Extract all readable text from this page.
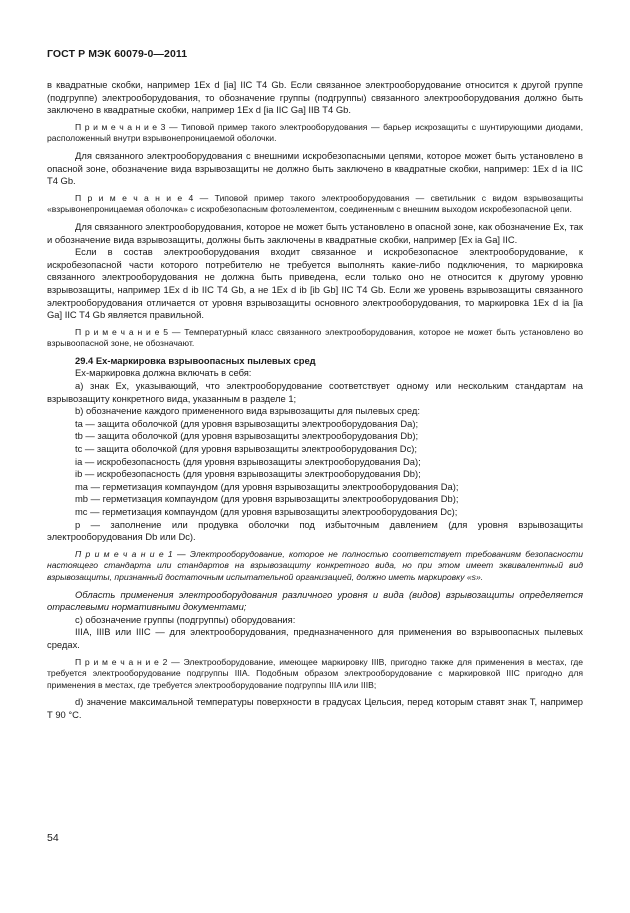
ГОСТ Р МЭК 60079-0—2011

в квадратные скобки, например 1Ex d [ia] IIC T4 Gb. Если связанное электрооборудование относится к другой группе (подгруппе) электрооборудования, то обозначение группы (подгруппы) связанного электрооборудования должно быть заключено в квадратные скобки, например 1Ex d [ia IIC Ga] IIB T4 Gb.

П р и м е ч а н и е 3 — Типовой пример такого электрооборудования — барьер искрозащиты с шунтирующими диодами, расположенный внутри взрывонепроницаемой оболочки.

Для связанного электрооборудования с внешними искробезопасными цепями, которое может быть установлено в опасной зоне, обозначение вида взрывозащиты не должно быть заключено в квадратные скобки, например: 1Ex d ia IIC T4 Gb.

П р и м е ч а н и е 4 — Типовой пример такого электрооборудования — светильник с видом взрывозащиты «взрывонепроницаемая оболочка» с искробезопасным фотоэлементом, соединенным с внешним выходом искробезопасной цепи.

Для связанного электрооборудования, которое не может быть установлено в опасной зоне, как обозначение Ex, так и обозначение вида взрывозащиты, должны быть заключены в квадратные скобки, например [Ex ia Ga] IIC.

Если в состав электрооборудования входит связанное и искробезопасное электрооборудование, к искробезопасной части которого потребителю не требуется выполнять какие-либо подключения, то маркировка связанного электрооборудования не должна быть приведена, если только оно не относится к другому уровню взрывозащиты, например 1Ex d ib IIC T4 Gb, а не 1Ex d ib [ib Gb] IIC T4 Gb. Если же уровень взрывозащиты связанного электрооборудования отличается от уровня взрывозащиты основного электрооборудования, то маркировка 1Ex d ia [ia Ga] IIC T4 Gb является правильной.

П р и м е ч а н и е 5 — Температурный класс связанного электрооборудования, которое не может быть установлено во взрывоопасной зоне, не обозначают.

29.4 Ex-маркировка взрывоопасных пылевых сред

Ex-маркировка должна включать в себя:

a) знак Ex, указывающий, что электрооборудование соответствует одному или нескольким стандартам на взрывозащиту конкретного вида, указанным в разделе 1;

b) обозначение каждого примененного вида взрывозащиты для пылевых сред:

ta — защита оболочкой (для уровня взрывозащиты электрооборудования Da);

tb — защита оболочкой (для уровня взрывозащиты электрооборудования Db);

tc — защита оболочкой (для уровня взрывозащиты электрооборудования Dc);

ia — искробезопасность (для уровня взрывозащиты электрооборудования Da);

ib — искробезопасность (для уровня взрывозащиты электрооборудования Db);

ma — герметизация компаундом (для уровня взрывозащиты электрооборудования Da);

mb — герметизация компаундом (для уровня взрывозащиты электрооборудования Db);

mc — герметизация компаундом (для уровня взрывозащиты электрооборудования Dc);

p — заполнение или продувка оболочки под избыточным давлением (для уровня взрывозащиты электрооборудования Db или Dc).

П р и м е ч а н и е 1 — Электрооборудование, которое не полностью соответствует требованиям безопасности настоящего стандарта или стандартов на взрывозащиту конкретного вида, но при этом имеет эквивалентный вид взрывозащиты, признанный достаточным испытательной организацией, должно иметь маркировку «s».

Область применения электрооборудования различного уровня и вида (видов) взрывозащиты определяется отраслевыми нормативными документами;

c) обозначение группы (подгруппы) оборудования:

IIIA, IIIB или IIIC — для электрооборудования, предназначенного для применения во взрывоопасных пылевых средах.

П р и м е ч а н и е 2 — Электрооборудование, имеющее маркировку IIIB, пригодно также для применения в местах, где требуется электрооборудование подгруппы IIIA. Подобным образом электрооборудование с маркировкой IIIC пригодно для применения в местах, где требуется электрооборудование подгруппы IIIA или IIIB;

d) значение максимальной температуры поверхности в градусах Цельсия, перед которым ставят знак Т, например Т 90 °С.

54
